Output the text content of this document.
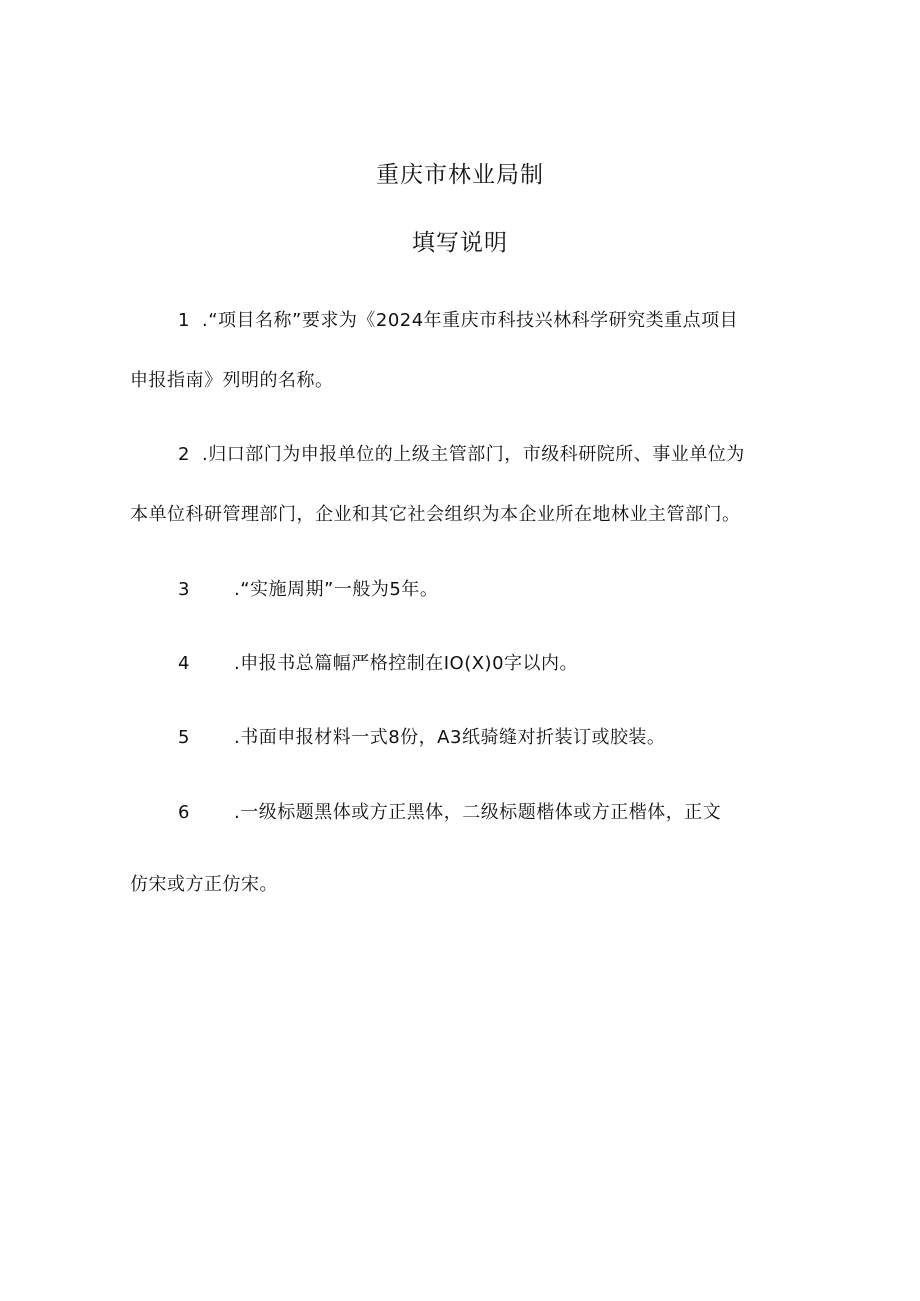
重庆市林业局制
填写说明
1 .“项目名称”要求为《2024年重庆市科技兴林科学研究类重点项目
申报指南》列明的名称。
2 .归口部门为申报单位的上级主管部门，市级科研院所、事业单位为
本单位科研管理部门，企业和其它社会组织为本企业所在地林业主管部门。
3 .“实施周期”一般为5年。
4 .申报书总篇幅严格控制在IO(X)0字以内。
5 .书面申报材料一式8份，A3纸骑缝对折装订或胶装。
6 .一级标题黑体或方正黑体，二级标题楷体或方正楷体，正文
仿宋或方正仿宋。
